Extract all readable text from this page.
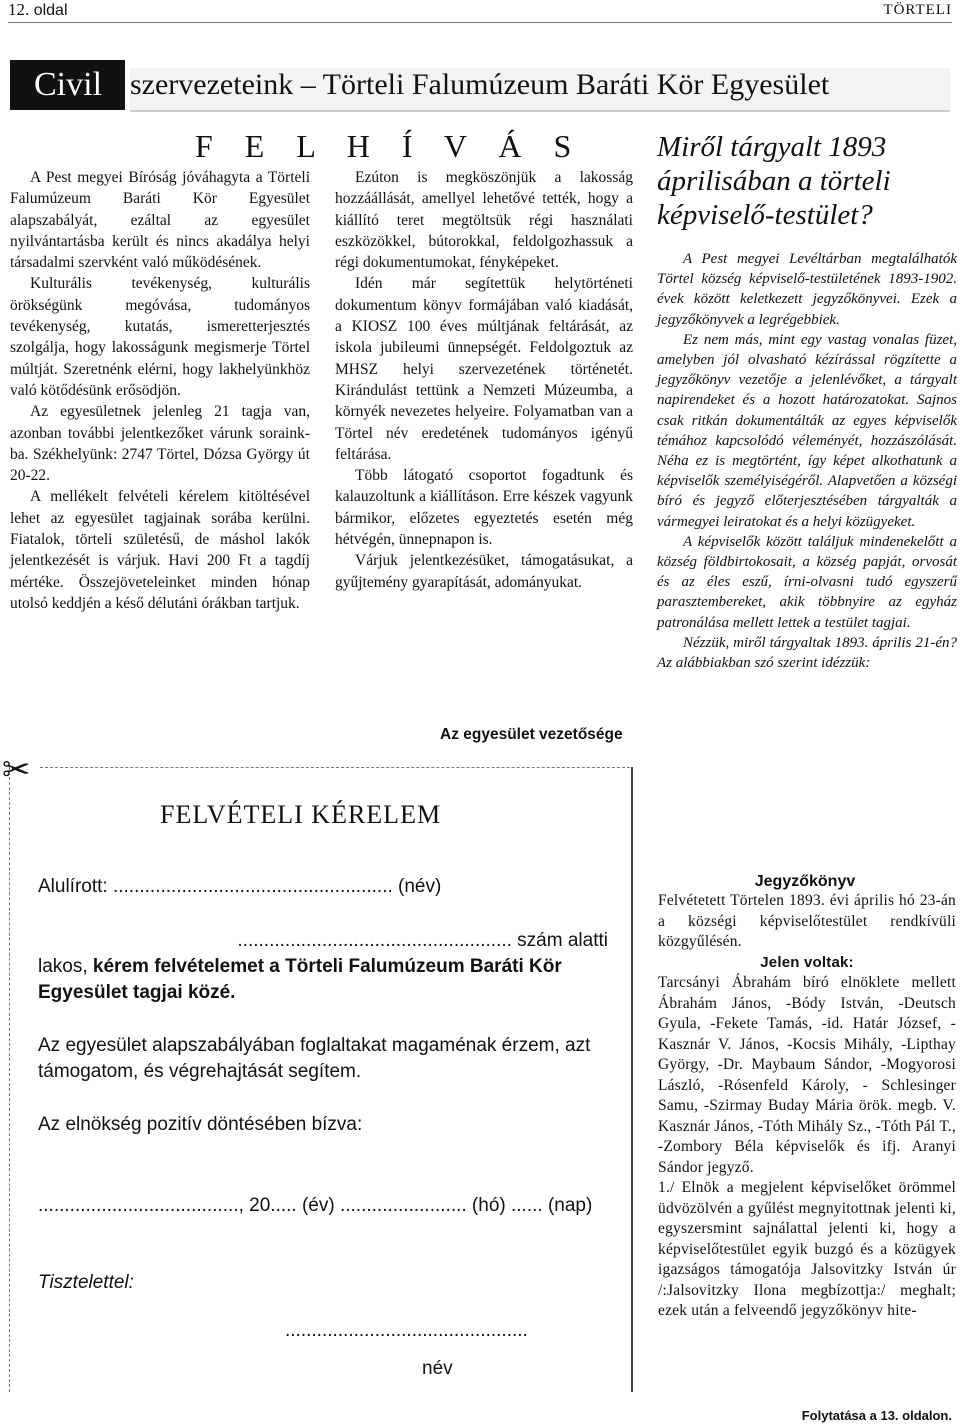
12. oldal	TÖRTELI
Civil szervezeteink – Törteli Falumúzeum Baráti Kör Egyesület
F E L H Í V Á S

A Pest megyei Bíróság jóváhagyta a Törteli Falumúzeum Baráti Kör Egyesület alapszabályát, ezáltal az egyesület nyilvántartásba került és nincs akadálya helyi társadalmi szervként való működésének.

Kulturális tevékenység, kulturális örökségünk megóvása, tudományos tevékenység, kutatás, ismeretterjesztés szolgálja, hogy lakosságunk megismerje Törtel múltját. Szeretnénk elérni, hogy lakhelyünkhöz való kötődésünk erősödjön.

Az egyesületnek jelenleg 21 tagja van, azonban további jelentkezőket várunk sorainkba. Székhelyünk: 2747 Törtel, Dózsa György út 20-22.

A mellékelt felvételi kérelem kitöltésével lehet az egyesület tagjainak sorába kerülni. Fiatalok, törteli születésű, de máshol lakók jelentkezését is várjuk. Havi 200 Ft a tagdíj mértéke. Összejöveteleinket minden hónap utolsó keddjén a késő délutáni órákban tartjuk.

Ezúton is megköszönjük a lakosság hozzáállását, amellyel lehetővé tették, hogy a kiállító teret megtöltsük régi használati eszközökkel, bútorokkal, feldolgozhassuk a régi dokumentumokat, fényképeket.

Idén már segítettük helytörténeti dokumentum könyv formájában való kiadását, a KIOSZ 100 éves múltjának feltárását, az iskola jubileumi ünnepségét. Feldolgoztuk az MHSZ helyi szervezetének történetét. Kirándulást tettünk a Nemzeti Múzeumba, a környék nevezetes helyeire. Folyamatban van a Törtel név eredetének tudományos igényű feltárása.

Több látogató csoportot fogadtunk és kalauzoltunk a kiállításon. Erre készek vagyunk bármikor, előzetes egyeztetés esetén még hétvégén, ünnepnapon is.

Várjuk jelentkezésüket, támogatásukat, a gyűjtemény gyarapítását, adományukat.

Az egyesület vezetősége
✂
FELVÉTELI KÉRELEM
Alulírott: ..................................................... (név)
.................................................... szám alatti
lakos, kérem felvételemet a Törteli Falumúzeum Baráti Kör Egyesület tagjai közé.
Az egyesület alapszabályában foglaltakat magaménak érzem, azt támogatom, és végrehajtását segítem.
Az elnökség pozitív döntésében bízva:
......................................, 20..... (év) ........................ (hó) ...... (nap)
Tisztelettel:
..............................................
név
Miről tárgyalt 1893 áprilisában a törteli képviselő-testület?

A Pest megyei Levéltárban megtalálhatók Törtel község képviselő-testületének 1893-1902. évek között keletkezett jegyzőkönyvei. Ezek a jegyzőkönyvek a legrégebbiek.

Ez nem más, mint egy vastag vonalas füzet, amelyben jól olvasható kézírással rögzítette a jegyzőkönyv vezetője a jelenlévőket, a tárgyalt napirendeket és a hozott határozatokat. Sajnos csak ritkán dokumentálták az egyes képviselők témához kapcsolódó véleményét, hozzászólását. Néha ez is megtörtént, így képet alkothatunk a képviselők személyiségéről. Alapvetően a községi bíró és jegyző előterjesztésében tárgyalták a vármegyei leiratokat és a helyi közügyeket.

A képviselők között találjuk mindenekelőtt a község földbirtokosait, a község papját, orvosát és az éles eszű, írni-olvasni tudó egyszerű parasztembereket, akik többnyire az egyház patronálása mellett lettek a testület tagjai.

Nézzük, miről tárgyaltak 1893. április 21-én? Az alábbiakban szó szerint idézzük:

Jegyzőkönyv

Felvétetett Törtelen 1893. évi április hó 23-án a községi képviselőtestület rendkívüli közgyűlésén.

Jelen voltak:

Tarcsányi Ábrahám bíró elnöklete mellett Ábrahám János, -Bódy István, -Deutsch Gyula, -Fekete Tamás, -id. Határ József, -Kasznár V. János, -Kocsis Mihály, -Lipthay György, -Dr. Maybaum Sándor, -Mogyorosi László, -Rósenfeld Károly, - Schlesinger Samu, -Szirmay Buday Mária örök. megb. V. Kasznár János, -Tóth Mihály Sz., -Tóth Pál T., -Zombory Béla képviselők és ifj. Aranyi Sándor jegyző.

1./ Elnök a megjelent képviselőket örömmel üdvözölvén a gyűlést megnyitottnak jelenti ki, egyszersmint sajnálattal jelenti ki, hogy a képviselőtestület egyik buzgó és a közügyek igazságos támogatója Jalsovitzky István úr /:Jalsovitzky Ilona megbízottja:/ meghalt; ezek után a felveendő jegyzőkönyv hite-

Folytatása a 13. oldalon.
